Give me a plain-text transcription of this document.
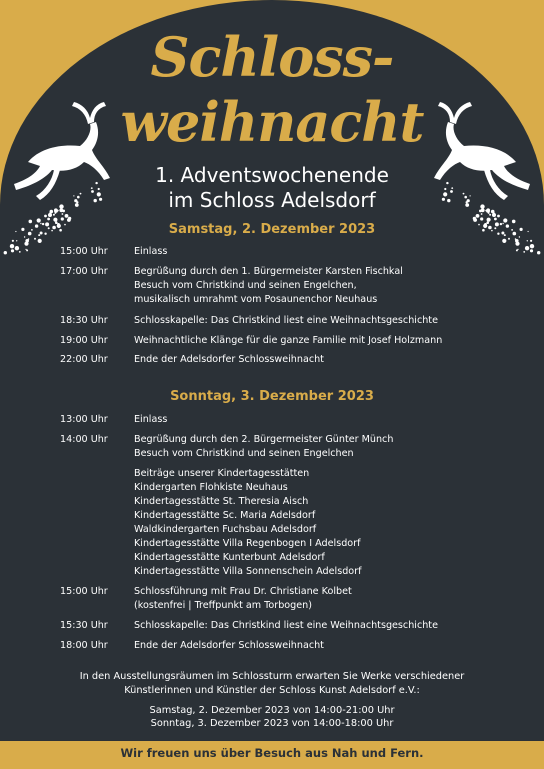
Schloss-
weihnacht
1. Adventswochenende
im Schloss Adelsdorf
Samstag, 2. Dezember 2023
15:00 Uhr	Einlass
17:00 Uhr	Begrüßung durch den 1. Bürgermeister Karsten Fischkal
Besuch vom Christkind und seinen Engelchen,
musikalisch umrahmt vom Posaunenchor Neuhaus
18:30 Uhr	Schlosskapelle: Das Christkind liest eine Weihnachtsgeschichte
19:00 Uhr	Weihnachtliche Klänge für die ganze Familie mit Josef Holzmann
22:00 Uhr	Ende der Adelsdorfer Schlossweihnacht
Sonntag, 3. Dezember 2023
13:00 Uhr	Einlass
14:00 Uhr	Begrüßung durch den 2. Bürgermeister Günter Münch
Besuch vom Christkind und seinen Engelchen
Beiträge unserer Kindertagesstätten
Kindergarten Flohkiste Neuhaus
Kindertagesstätte St. Theresia Aisch
Kindertagesstätte Sc. Maria Adelsdorf
Waldkindergarten Fuchsbau Adelsdorf
Kindertagesstätte Villa Regenbogen I Adelsdorf
Kindertagesstätte Kunterbunt Adelsdorf
Kindertagesstätte Villa Sonnenschein Adelsdorf
15:00 Uhr	Schlossführung mit Frau Dr. Christiane Kolbet
(kostenfrei | Treffpunkt am Torbogen)
15:30 Uhr	Schlosskapelle: Das Christkind liest eine Weihnachtsgeschichte
18:00 Uhr	Ende der Adelsdorfer Schlossweihnacht
In den Ausstellungsräumen im Schlossturm erwarten Sie Werke verschiedener
Künstlerinnen und Künstler der Schloss Kunst Adelsdorf e.V.:
Samstag, 2. Dezember 2023 von 14:00-21:00 Uhr
Sonntag, 3. Dezember 2023 von 14:00-18:00 Uhr
Wir freuen uns über Besuch aus Nah und Fern.
